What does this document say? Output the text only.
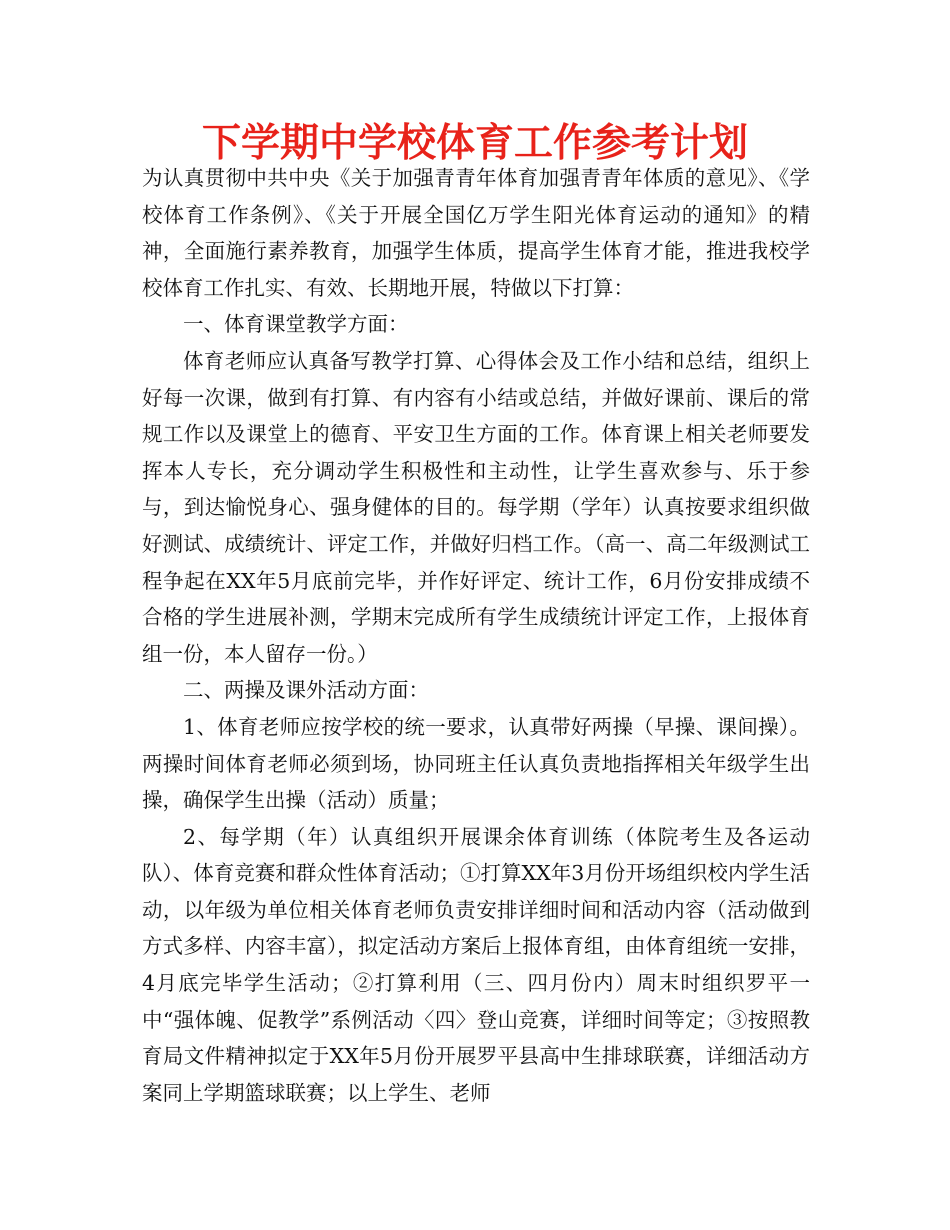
下学期中学校体育工作参考计划

为认真贯彻中共中央《关于加强青青年体育加强青青年体质的意见》、《学校体育工作条例》、《关于开展全国亿万学生阳光体育运动的通知》的精神，全面施行素养教育，加强学生体质，提高学生体育才能，推进我校学校体育工作扎实、有效、长期地开展，特做以下打算：

一、体育课堂教学方面：

体育老师应认真备写教学打算、心得体会及工作小结和总结，组织上好每一次课，做到有打算、有内容有小结或总结，并做好课前、课后的常规工作以及课堂上的德育、平安卫生方面的工作。体育课上相关老师要发挥本人专长，充分调动学生积极性和主动性，让学生喜欢参与、乐于参与，到达愉悦身心、强身健体的目的。每学期（学年）认真按要求组织做好测试、成绩统计、评定工作，并做好归档工作。（高一、高二年级测试工程争起在XX年5月底前完毕，并作好评定、统计工作，6月份安排成绩不合格的学生进展补测，学期末完成所有学生成绩统计评定工作，上报体育组一份，本人留存一份。）

二、两操及课外活动方面：

1、体育老师应按学校的统一要求，认真带好两操（早操、课间操）。两操时间体育老师必须到场，协同班主任认真负责地指挥相关年级学生出操，确保学生出操（活动）质量；

2、每学期（年）认真组织开展课余体育训练（体院考生及各运动队）、体育竞赛和群众性体育活动；①打算XX年3月份开场组织校内学生活动，以年级为单位相关体育老师负责安排详细时间和活动内容（活动做到方式多样、内容丰富），拟定活动方案后上报体育组，由体育组统一安排，4月底完毕学生活动；②打算利用（三、四月份内）周末时组织罗平一中“强体魄、促教学”系例活动〈四〉登山竞赛，详细时间等定；③按照教育局文件精神拟定于XX年5月份开展罗平县高中生排球联赛，详细活动方案同上学期篮球联赛；以上学生、老师
